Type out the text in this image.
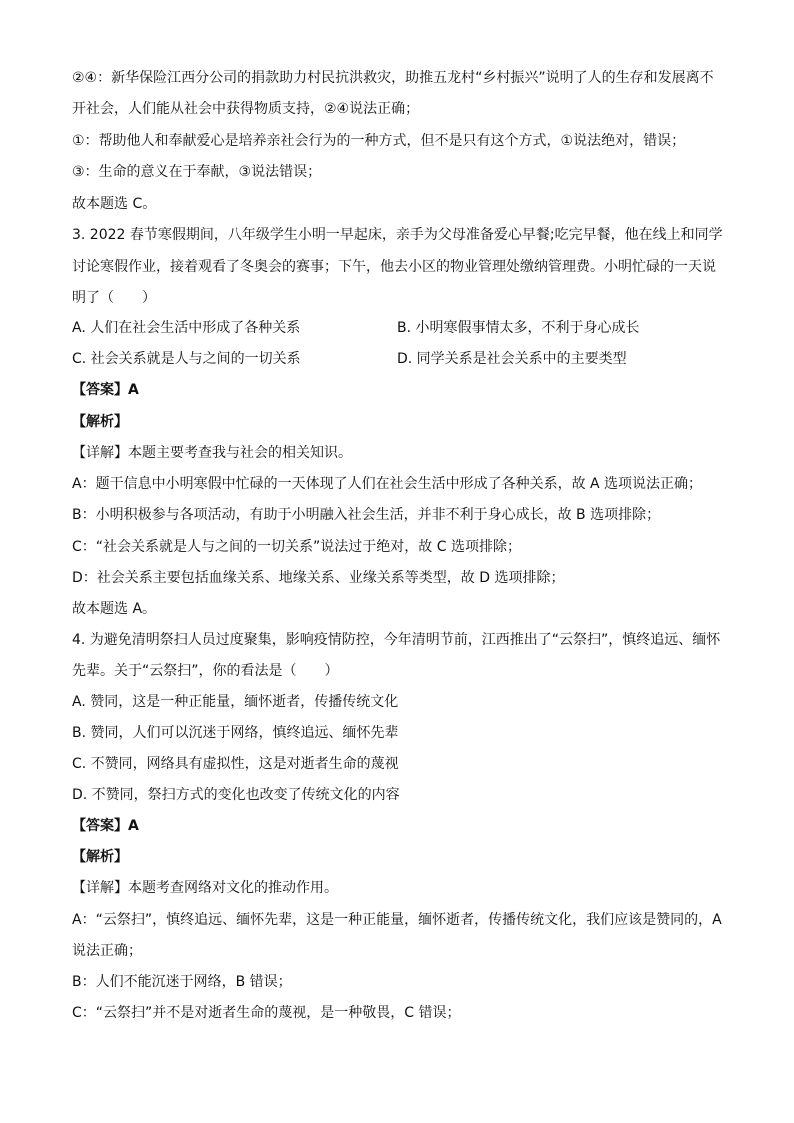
②④：新华保险江西分公司的捐款助力村民抗洪救灾，助推五龙村“乡村振兴”说明了人的生存和发展离不
开社会，人们能从社会中获得物质支持，②④说法正确；
①：帮助他人和奉献爱心是培养亲社会行为的一种方式，但不是只有这个方式，①说法绝对，错误；
③：生命的意义在于奉献，③说法错误；
故本题选 C。
3. 2022 春节寒假期间，八年级学生小明一早起床，亲手为父母准备爱心早餐;吃完早餐，他在线上和同学
讨论寒假作业，接着观看了冬奥会的赛事；下午，他去小区的物业管理处缴纳管理费。小明忙碌的一天说
明了（　　）
A. 人们在社会生活中形成了各种关系	B. 小明寒假事情太多，不利于身心成长
C. 社会关系就是人与之间的一切关系	D. 同学关系是社会关系中的主要类型
【答案】A
【解析】
【详解】本题主要考查我与社会的相关知识。
A：题干信息中小明寒假中忙碌的一天体现了人们在社会生活中形成了各种关系，故 A 选项说法正确；
B：小明积极参与各项活动，有助于小明融入社会生活，并非不利于身心成长，故 B 选项排除；
C：“社会关系就是人与之间的一切关系”说法过于绝对，故 C 选项排除；
D：社会关系主要包括血缘关系、地缘关系、业缘关系等类型，故 D 选项排除；
故本题选 A。
4. 为避免清明祭扫人员过度聚集，影响疫情防控，今年清明节前，江西推出了“云祭扫”，慎终追远、缅怀
先辈。关于“云祭扫”，你的看法是（　　）
A. 赞同，这是一种正能量，缅怀逝者，传播传统文化
B. 赞同，人们可以沉迷于网络，慎终追远、缅怀先辈
C. 不赞同，网络具有虚拟性，这是对逝者生命的蔑视
D. 不赞同，祭扫方式的变化也改变了传统文化的内容
【答案】A
【解析】
【详解】本题考查网络对文化的推动作用。
A：“云祭扫”，慎终追远、缅怀先辈，这是一种正能量，缅怀逝者，传播传统文化，我们应该是赞同的，A
说法正确；
B：人们不能沉迷于网络，B 错误；
C：“云祭扫”并不是对逝者生命的蔑视，是一种敬畏，C 错误；
